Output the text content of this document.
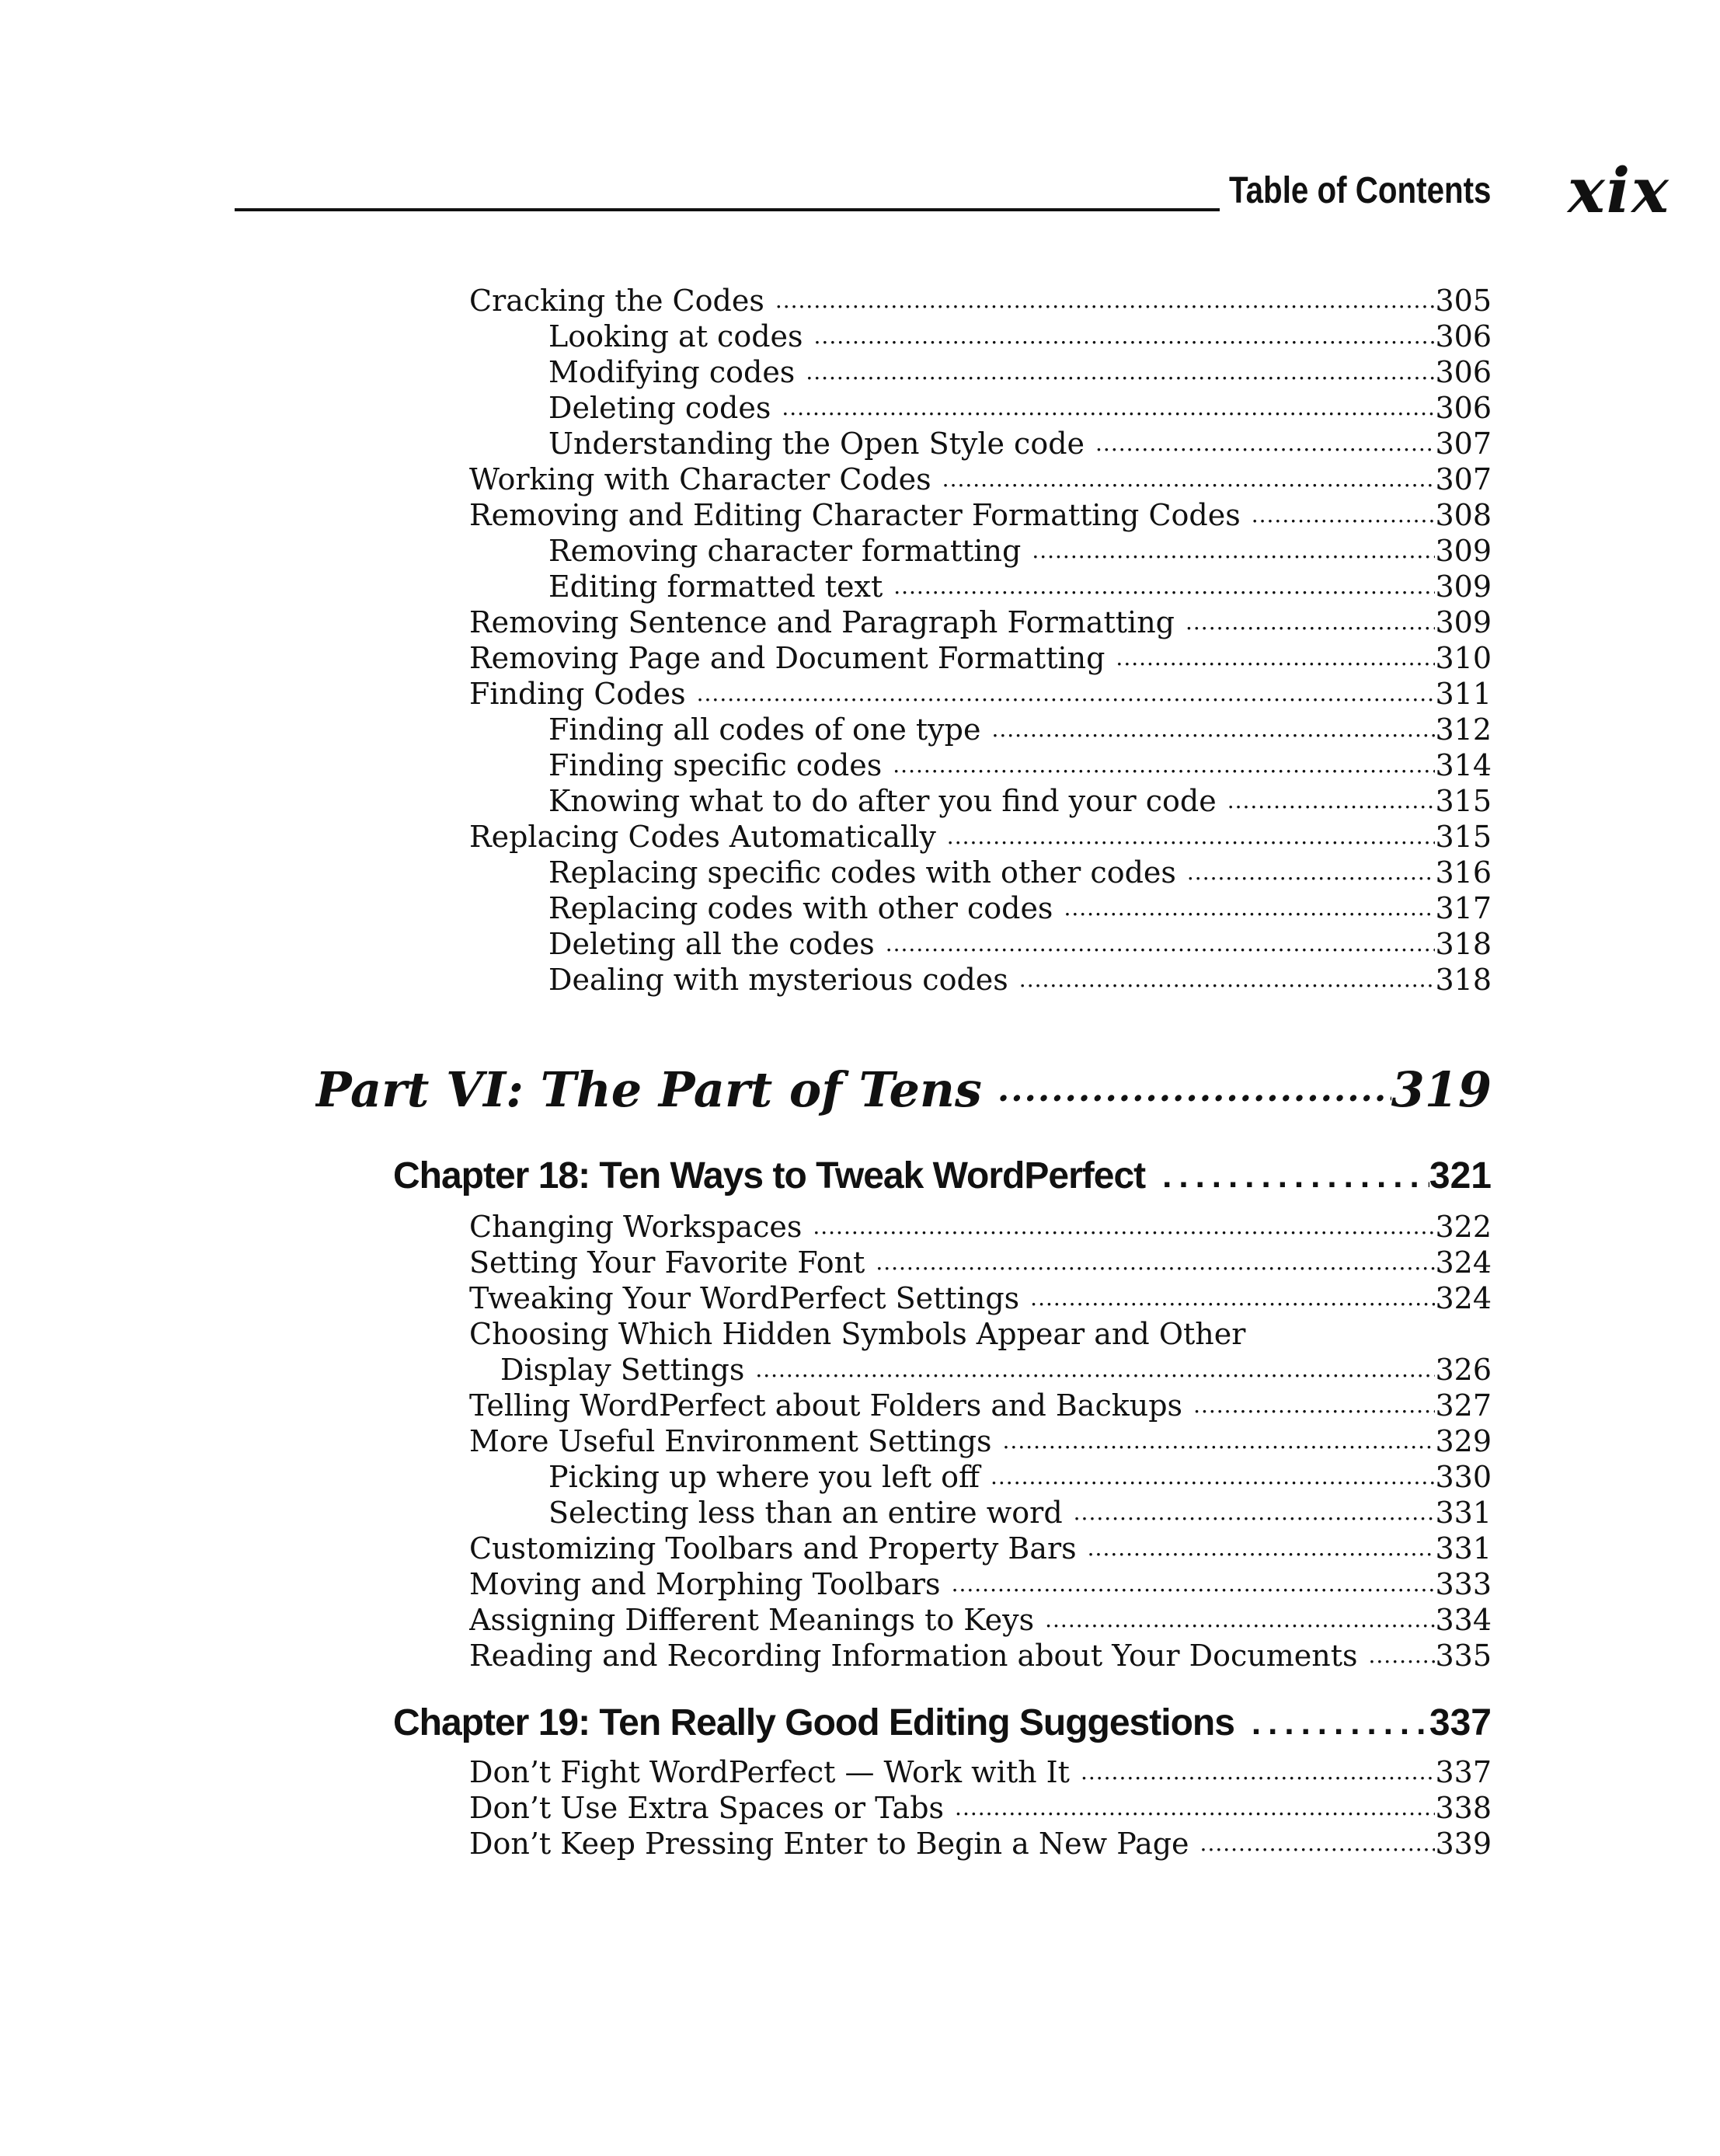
Table of Contents xix
Cracking the Codes .....	305
Looking at codes .....	306
Modifying codes .....	306
Deleting codes .....	306
Understanding the Open Style code .....	307
Working with Character Codes .....	307
Removing and Editing Character Formatting Codes .....	308
Removing character formatting .....	309
Editing formatted text .....	309
Removing Sentence and Paragraph Formatting .....	309
Removing Page and Document Formatting .....	310
Finding Codes .....	311
Finding all codes of one type .....	312
Finding specific codes .....	314
Knowing what to do after you find your code .....	315
Replacing Codes Automatically .....	315
Replacing specific codes with other codes .....	316
Replacing codes with other codes .....	317
Deleting all the codes .....	318
Dealing with mysterious codes .....	318
Part VI: The Part of Tens .....	319
Chapter 18: Ten Ways to Tweak WordPerfect .....	321
Changing Workspaces .....	322
Setting Your Favorite Font .....	324
Tweaking Your WordPerfect Settings .....	324
Choosing Which Hidden Symbols Appear and Other
Display Settings .....	326
Telling WordPerfect about Folders and Backups .....	327
More Useful Environment Settings .....	329
Picking up where you left off .....	330
Selecting less than an entire word .....	331
Customizing Toolbars and Property Bars .....	331
Moving and Morphing Toolbars .....	333
Assigning Different Meanings to Keys .....	334
Reading and Recording Information about Your Documents .....	335
Chapter 19: Ten Really Good Editing Suggestions .....	337
Don’t Fight WordPerfect — Work with It .....	337
Don’t Use Extra Spaces or Tabs .....	338
Don’t Keep Pressing Enter to Begin a New Page .....	339
